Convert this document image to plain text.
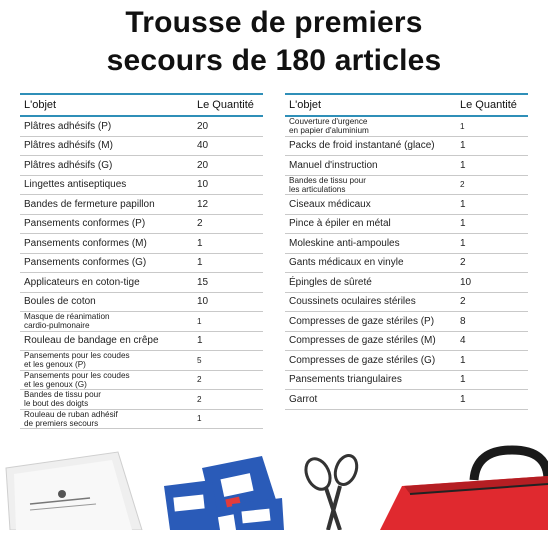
Trousse de premiers
secours de 180 articles
L'objet	Le Quantité
Plâtres adhésifs (P)	20
Plâtres adhésifs (M)	40
Plâtres adhésifs (G)	20
Lingettes antiseptiques	10
Bandes de fermeture papillon	12
Pansements conformes (P)	2
Pansements conformes (M)	1
Pansements conformes (G)	1
Applicateurs en coton-tige	15
Boules de coton	10
Masque de réanimation
cardio-pulmonaire	1
Rouleau de bandage en crêpe	1
Pansements pour les coudes
et les genoux (P)	5
Pansements pour les coudes
et les genoux (G)	2
Bandes de tissu pour
le bout des doigts	2
Rouleau de ruban adhésif
de premiers secours	1
L'objet	Le Quantité
Couverture d'urgence
en papier d'aluminium	1
Packs de froid instantané (glace)	1
Manuel d'instruction	1
Bandes de tissu pour
les articulations	2
Ciseaux médicaux	1
Pince à épiler en métal	1
Moleskine anti-ampoules	1
Gants médicaux en vinyle	2
Épingles de sûreté	10
Coussinets oculaires stériles	2
Compresses de gaze stériles (P)	8
Compresses de gaze stériles (M)	4
Compresses de gaze stériles (G)	1
Pansements triangulaires	1
Garrot	1
